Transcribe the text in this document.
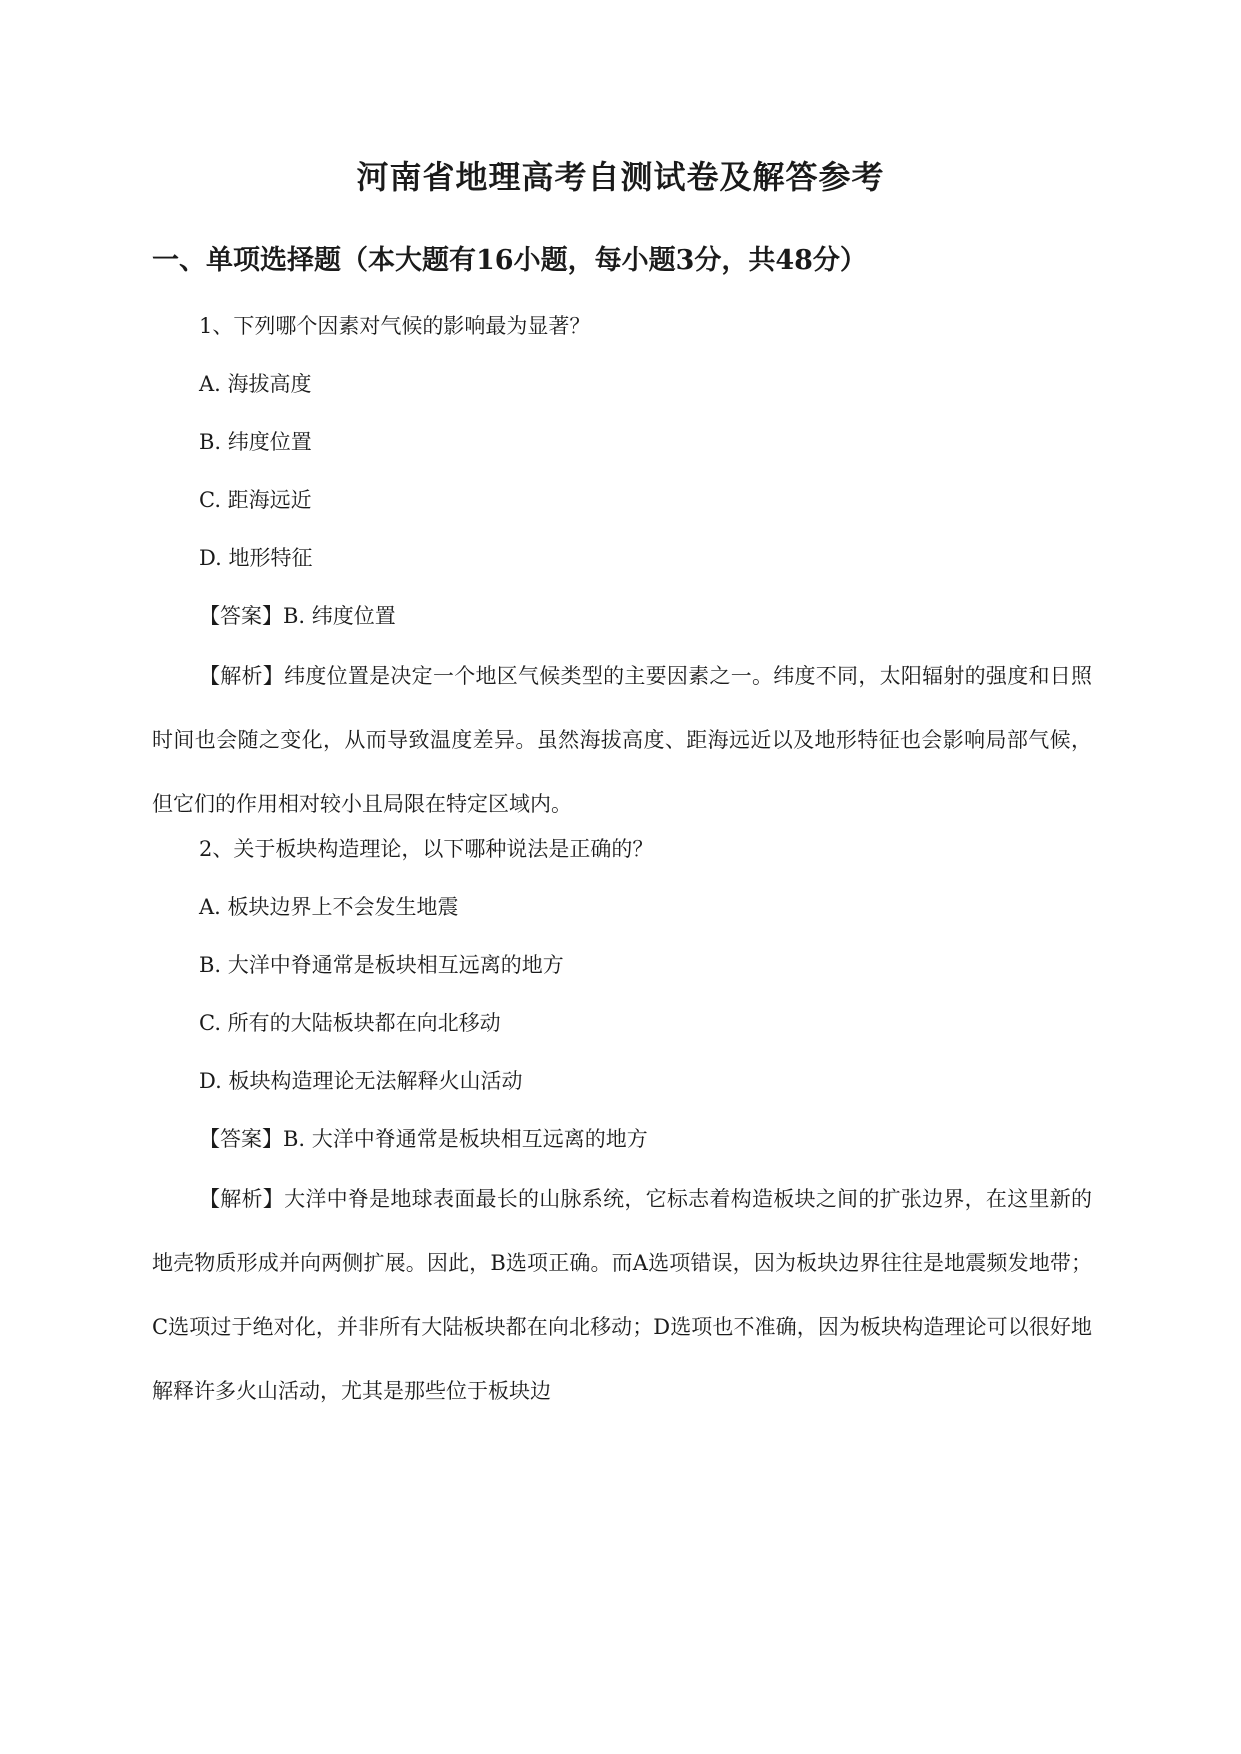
河南省地理高考自测试卷及解答参考
一、单项选择题（本大题有16小题，每小题3分，共48分）

1、下列哪个因素对气候的影响最为显著？

A. 海拔高度

B. 纬度位置

C. 距海远近

D. 地形特征

【答案】B. 纬度位置

【解析】纬度位置是决定一个地区气候类型的主要因素之一。纬度不同，太阳辐射的强度和日照时间也会随之变化，从而导致温度差异。虽然海拔高度、距海远近以及地形特征也会影响局部气候，但它们的作用相对较小且局限在特定区域内。

2、关于板块构造理论，以下哪种说法是正确的？

A. 板块边界上不会发生地震

B. 大洋中脊通常是板块相互远离的地方

C. 所有的大陆板块都在向北移动

D. 板块构造理论无法解释火山活动

【答案】B. 大洋中脊通常是板块相互远离的地方

【解析】大洋中脊是地球表面最长的山脉系统，它标志着构造板块之间的扩张边界，在这里新的地壳物质形成并向两侧扩展。因此，B选项正确。而A选项错误，因为板块边界往往是地震频发地带；C选项过于绝对化，并非所有大陆板块都在向北移动；D选项也不准确，因为板块构造理论可以很好地解释许多火山活动，尤其是那些位于板块边
